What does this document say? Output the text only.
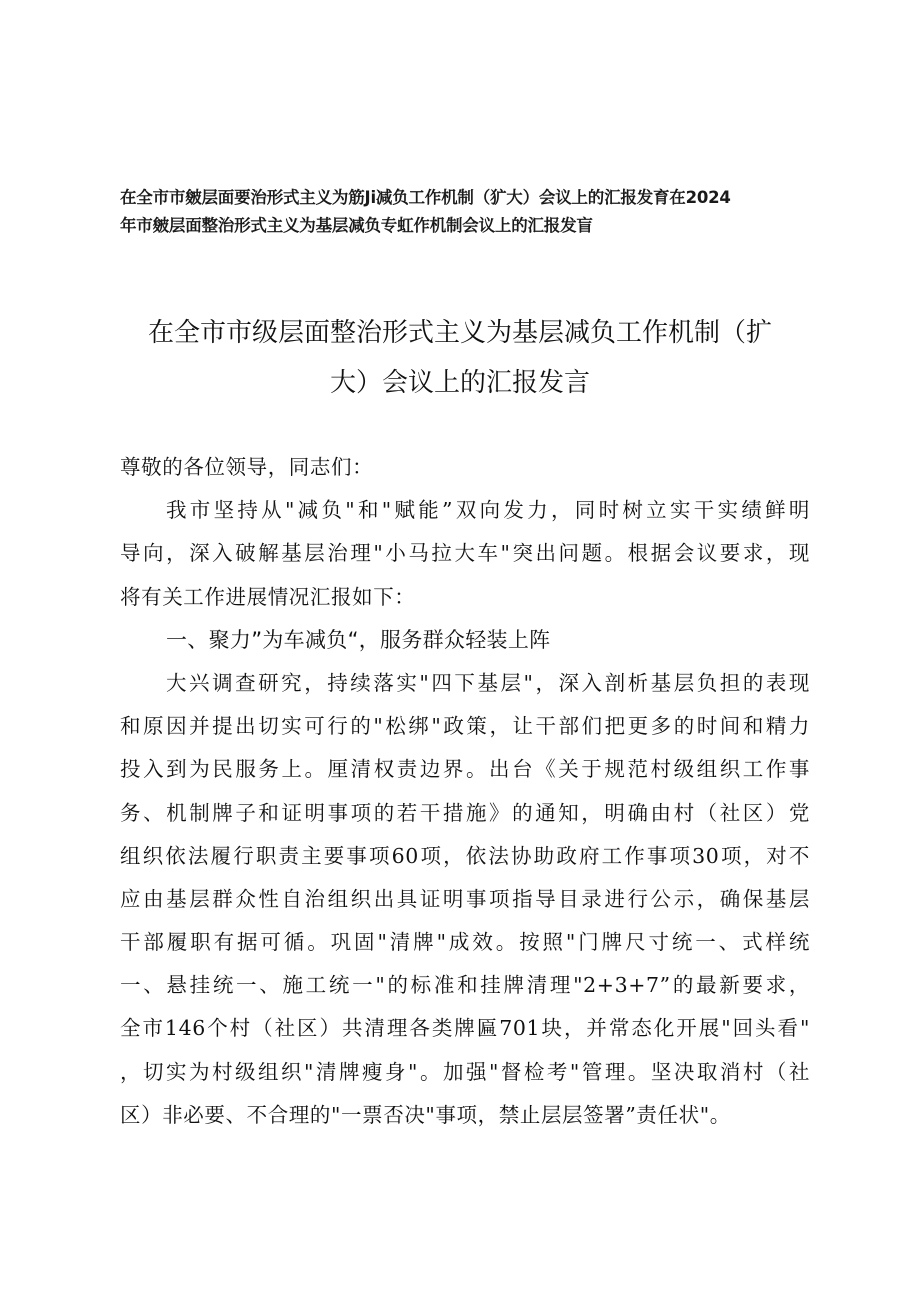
在全市市皴层面要治形式主义为筋Ji减负工作机制（犷大）会议上的汇报发育在2024
年市皴层面整治形式主义为基层减负专虹作机制会议上的汇报发盲
在全市市级层面整治形式主义为基层减负工作机制（扩
大）会议上的汇报发言
尊敬的各位领导，同志们：
我市坚持从"减负"和"赋能”双向发力，同时树立实干实绩鲜明
导向，深入破解基层治理"小马拉大车"突出问题。根据会议要求，现
将有关工作进展情况汇报如下：
一、聚力”为车减负“，服务群众轻装上阵
大兴调查研究，持续落实"四下基层"，深入剖析基层负担的表现
和原因并提出切实可行的"松绑"政策，让干部们把更多的时间和精力
投入到为民服务上。厘清权责边界。出台《关于规范村级组织工作事
务、机制牌子和证明事项的若干措施》的通知，明确由村（社区）党
组织依法履行职责主要事项60项，依法协助政府工作事项30项，对不
应由基层群众性自治组织出具证明事项指导目录进行公示，确保基层
干部履职有据可循。巩固"清牌"成效。按照"门牌尺寸统一、式样统
一、悬挂统一、施工统一"的标准和挂牌清理"2+3+7”的最新要求，
全市146个村（社区）共清理各类牌匾701块，并常态化开展"回头看"
，切实为村级组织"清牌瘦身"。加强"督检考"管理。坚决取消村（社
区）非必要、不合理的"一票否决"事项，禁止层层签署”责任状"。
